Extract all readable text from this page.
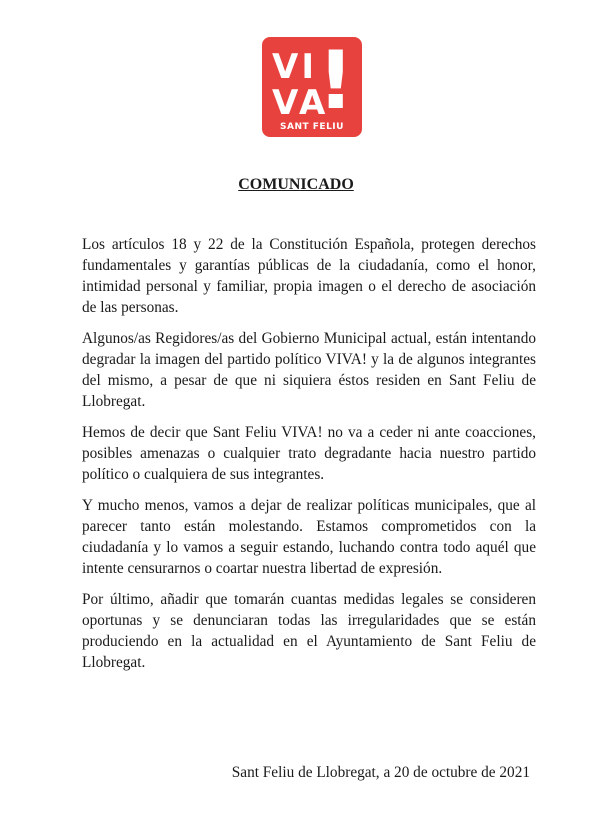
VI
VA
!
SANT FELIU
COMUNICADO

Los artículos 18 y 22 de la Constitución Española, protegen derechos fundamentales y garantías públicas de la ciudadanía, como el honor, intimidad personal y familiar, propia imagen o el derecho de asociación de las personas.

Algunos/as Regidores/as del Gobierno Municipal actual, están intentando degradar la imagen del partido político VIVA! y la de algunos integrantes del mismo, a pesar de que ni siquiera éstos residen en Sant Feliu de Llobregat.

Hemos de decir que Sant Feliu VIVA! no va a ceder ni ante coacciones, posibles amenazas o cualquier trato degradante hacia nuestro partido político o cualquiera de sus integrantes.

Y mucho menos, vamos a dejar de realizar políticas municipales, que al parecer tanto están molestando. Estamos comprometidos con la ciudadanía y lo vamos a seguir estando, luchando contra todo aquél que intente censurarnos o coartar nuestra libertad de expresión.

Por último, añadir que tomarán cuantas medidas legales se consideren oportunas y se denunciaran todas las irregularidades que se están produciendo en la actualidad en el Ayuntamiento de Sant Feliu de Llobregat.

Sant Feliu de Llobregat, a 20 de octubre de 2021
